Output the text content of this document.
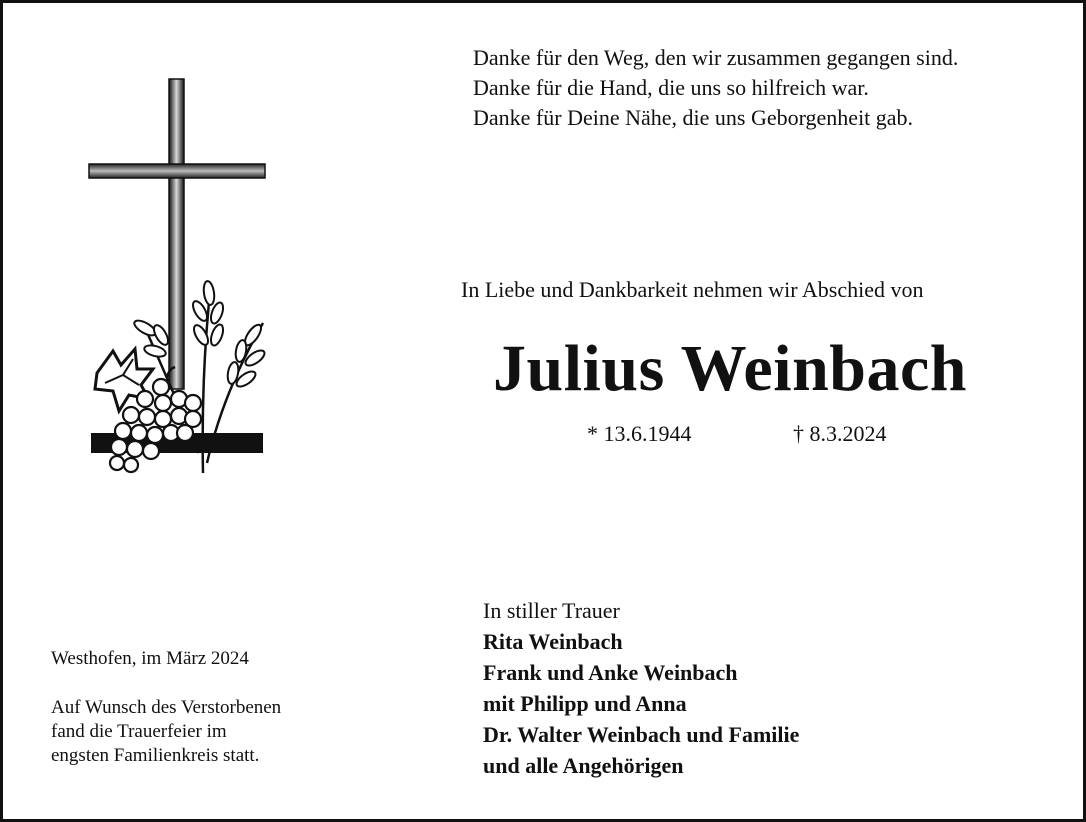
Danke für den Weg, den wir zusammen gegangen sind.
Danke für die Hand, die uns so hilfreich war.
Danke für Deine Nähe, die uns Geborgenheit gab.
In Liebe und Dankbarkeit nehmen wir Abschied von
Julius Weinbach
* 13.6.1944	† 8.3.2024
Westhofen, im März 2024
Auf Wunsch des Verstorbenen
fand die Trauerfeier im
engsten Familienkreis statt.
In stiller Trauer
Rita Weinbach
Frank und Anke Weinbach
mit Philipp und Anna
Dr. Walter Weinbach und Familie
und alle Angehörigen
